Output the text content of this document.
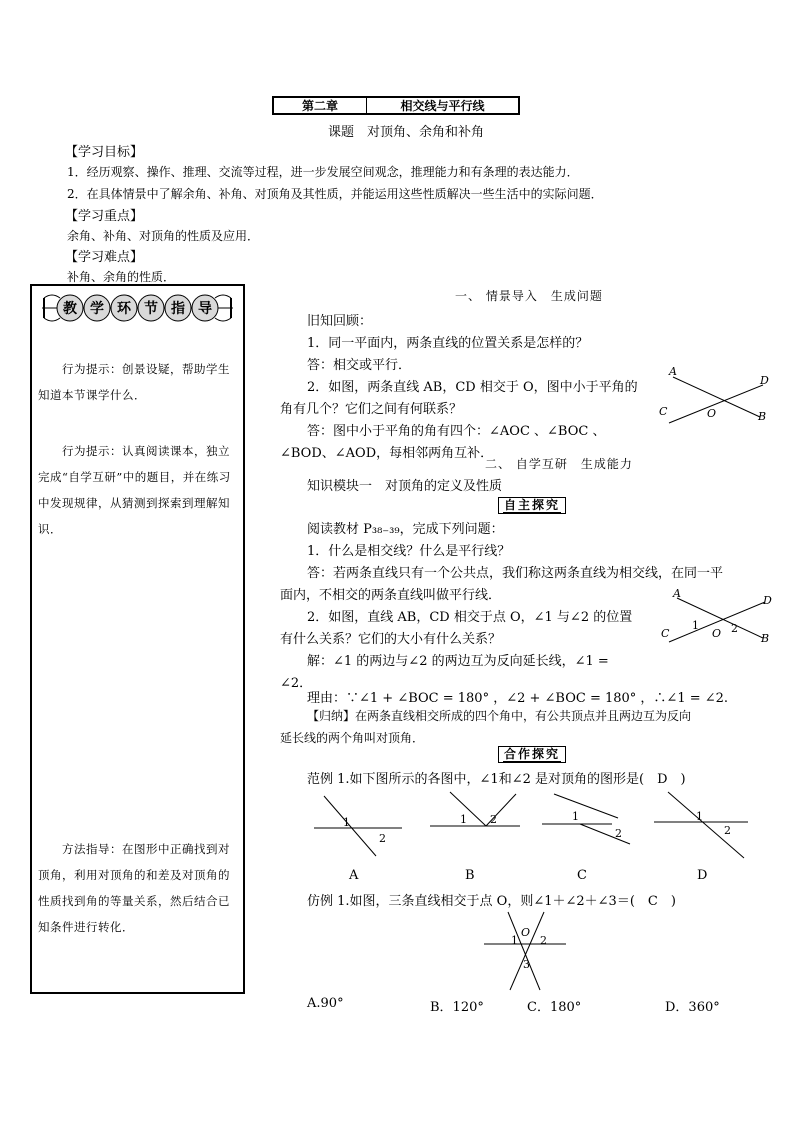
第二章	相交线与平行线
课题　对顶角、余角和补角
【学习目标】
1．经历观察、操作、推理、交流等过程，进一步发展空间观念，推理能力和有条理的表达能力．
2．在具体情景中了解余角、补角、对顶角及其性质，并能运用这些性质解决一些生活中的实际问题．
【学习重点】
余角、补角、对顶角的性质及应用．
【学习难点】
补角、余角的性质．
教 学 环 节 指 导
行为提示：创景设疑，帮助学生知道本节课学什么．
行为提示：认真阅读课本，独立完成“自学互研”中的题目，并在练习中发现规律，从猜测到探索到理解知识．
方法指导：在图形中正确找到对顶角，利用对顶角的和差及对顶角的性质找到角的等量关系，然后结合已知条件进行转化．
一、 情景导入　生成问题
旧知回顾：
1．同一平面内，两条直线的位置关系是怎样的？
答：相交或平行．
2．如图，两条直线 AB，CD 相交于 O，图中小于平角的
角有几个？它们之间有何联系？
答：图中小于平角的角有四个：∠AOC 、∠BOC 、
∠BOD、∠AOD，每相邻两角互补．
A
D
C	B
O
二、 自学互研　生成能力
知识模块一　对顶角的定义及性质
自主探究
阅读教材 P₃₈₋₃₉，完成下列问题：
1．什么是相交线？什么是平行线？
答：若两条直线只有一个公共点，我们称这两条直线为相交线，在同一平
面内，不相交的两条直线叫做平行线．
2．如图，直线 AB，CD 相交于点 O，∠1 与∠2 的位置
有什么关系？它们的大小有什么关系？
解：∠1 的两边与∠2 的两边互为反向延长线，∠1 =
∠2．
A
D
C	B
O
1	2
理由：∵∠1 + ∠BOC = 180° ，∠2 + ∠BOC = 180° ，∴∠1 = ∠2.
【归纳】在两条直线相交所成的四个角中，有公共顶点并且两边互为反向
延长线的两个角叫对顶角．
合作探究
范例 1.如下图所示的各图中，∠1和∠2 是对顶角的图形是(　D　)
1
2
1 2	1
2
1
2
A	B	C	D
仿例 1.如图，三条直线相交于点 O，则∠1＋∠2＋∠3＝(　C　)
O
1 2
3
A.90°	B．120°	C．180°	D．360°
